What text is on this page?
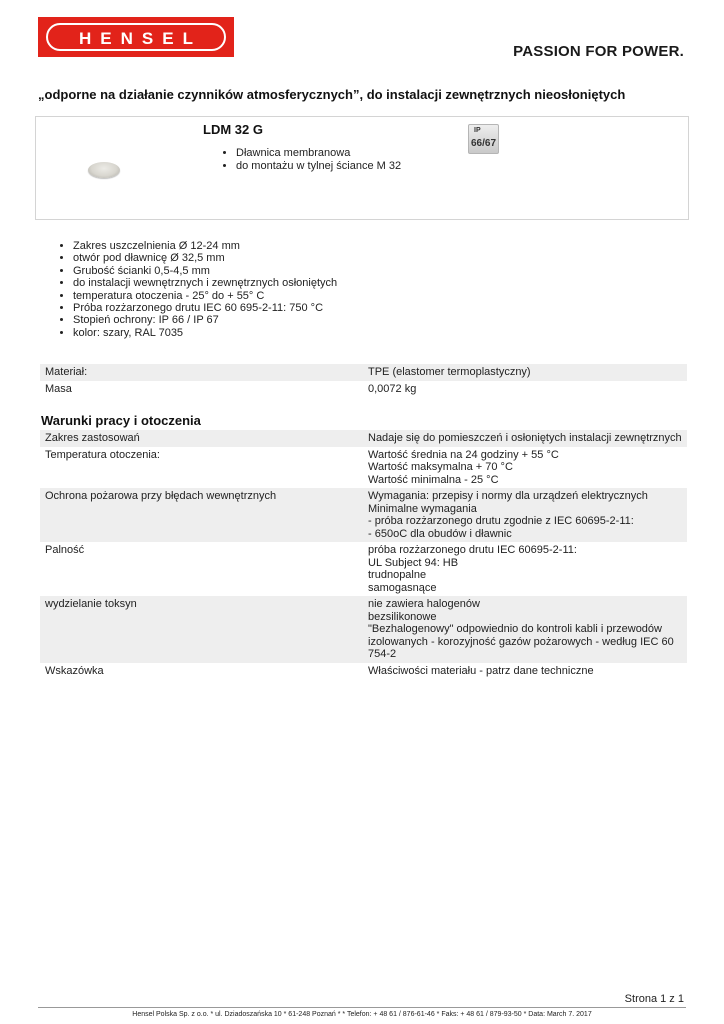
HENSEL
PASSION FOR POWER.
„odporne na działanie czynników atmosferycznych”, do instalacji zewnętrznych nieosłoniętych
LDM 32 G
• Dławnica membranowa
• do montażu w tylnej ściance M 32
IP
66/67
• Zakres uszczelnienia Ø 12-24 mm
• otwór pod dławnicę Ø 32,5 mm
• Grubość ścianki 0,5-4,5 mm
• do instalacji wewnętrznych i zewnętrznych osłoniętych
• temperatura otoczenia - 25° do + 55° C
• Próba rozżarzonego drutu IEC 60 695-2-11: 750 °C
• Stopień ochrony: IP 66 / IP 67
• kolor: szary, RAL 7035
Materiał:	TPE (elastomer termoplastyczny)
Masa	0,0072 kg
Warunki pracy i otoczenia
Zakres zastosowań	Nadaje się do pomieszczeń i osłoniętych instalacji zewnętrznych
Temperatura otoczenia:	Wartość średnia na 24 godziny + 55 °C
Wartość maksymalna + 70 °C
Wartość minimalna - 25 °C
Ochrona pożarowa przy błędach wewnętrznych	Wymagania: przepisy i normy dla urządzeń elektrycznych
Minimalne wymagania
- próba rozżarzonego drutu zgodnie z IEC 60695-2-11:
- 650oC dla obudów i dławnic
Palność	próba rozżarzonego drutu IEC 60695-2-11:
UL Subject 94: HB
trudnopalne
samogasnące
wydzielanie toksyn	nie zawiera halogenów
bezsilikonowe
"Bezhalogenowy" odpowiednio do kontroli kabli i przewodów
izolowanych - korozyjność gazów pożarowych - według IEC 60
754-2
Wskazówka	Właściwości materiału - patrz dane techniczne
Strona 1 z 1
Hensel Polska Sp. z o.o. * ul. Dziadoszańska 10 * 61-248 Poznań * * Telefon: + 48 61 / 876-61-46 * Faks: + 48 61 / 879-93-50 * Data: March 7. 2017
